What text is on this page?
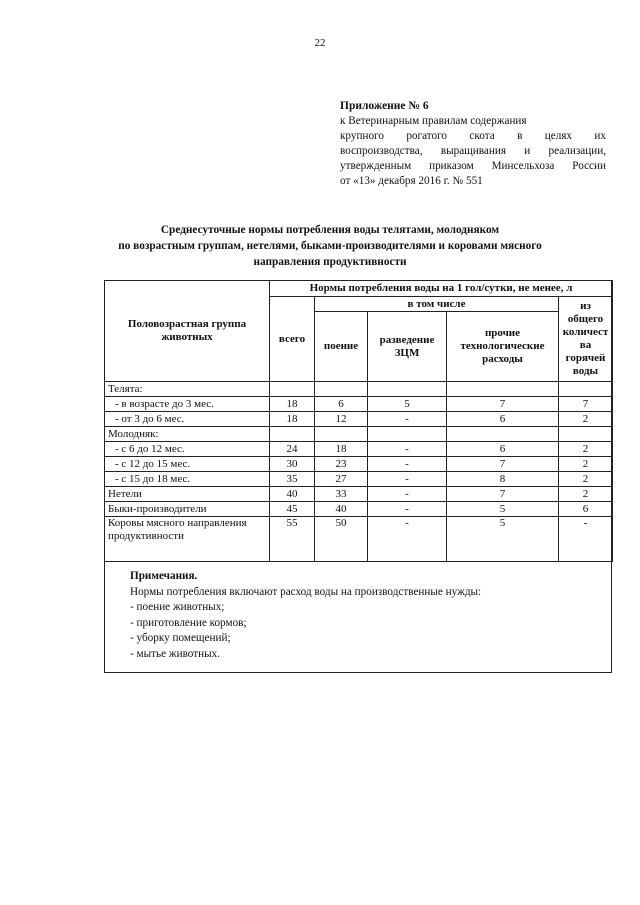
22
Приложение № 6
к Ветеринарным правилам содержания
крупного рогатого скота в целях их
воспроизводства, выращивания и реализации,
утвержденным приказом Минсельхоза России
от «13» декабря 2016 г. № 551
Среднесуточные нормы потребления воды телятами, молодняком
по возрастным группам, нетелями, быками-производителями и коровами мясного
направления продуктивности
Половозрастная группа животных	Нормы потребления воды на 1 гол/сутки, не менее, л				
	всего	в том числе			из общего количест ва горячей воды
		поение	разведение ЗЦМ	прочие технологические расходы	
Телята:					
- в возрасте до 3 мес.	18	6	5	7	7
- от 3 до 6 мес.	18	12	-	6	2
Молодняк:					
- с 6 до 12 мес.	24	18	-	6	2
- с 12 до 15 мес.	30	23	-	7	2
- с 15 до 18 мес.	35	27	-	8	2
Нетели	40	33	-	7	2
Быки-производители	45	40	-	5	6
Коровы мясного направления продуктивности	55	50	-	5	-
Примечания.
Нормы потребления включают расход воды на производственные нужды:
- поение животных;
- приготовление кормов;
- уборку помещений;
- мытье животных.
